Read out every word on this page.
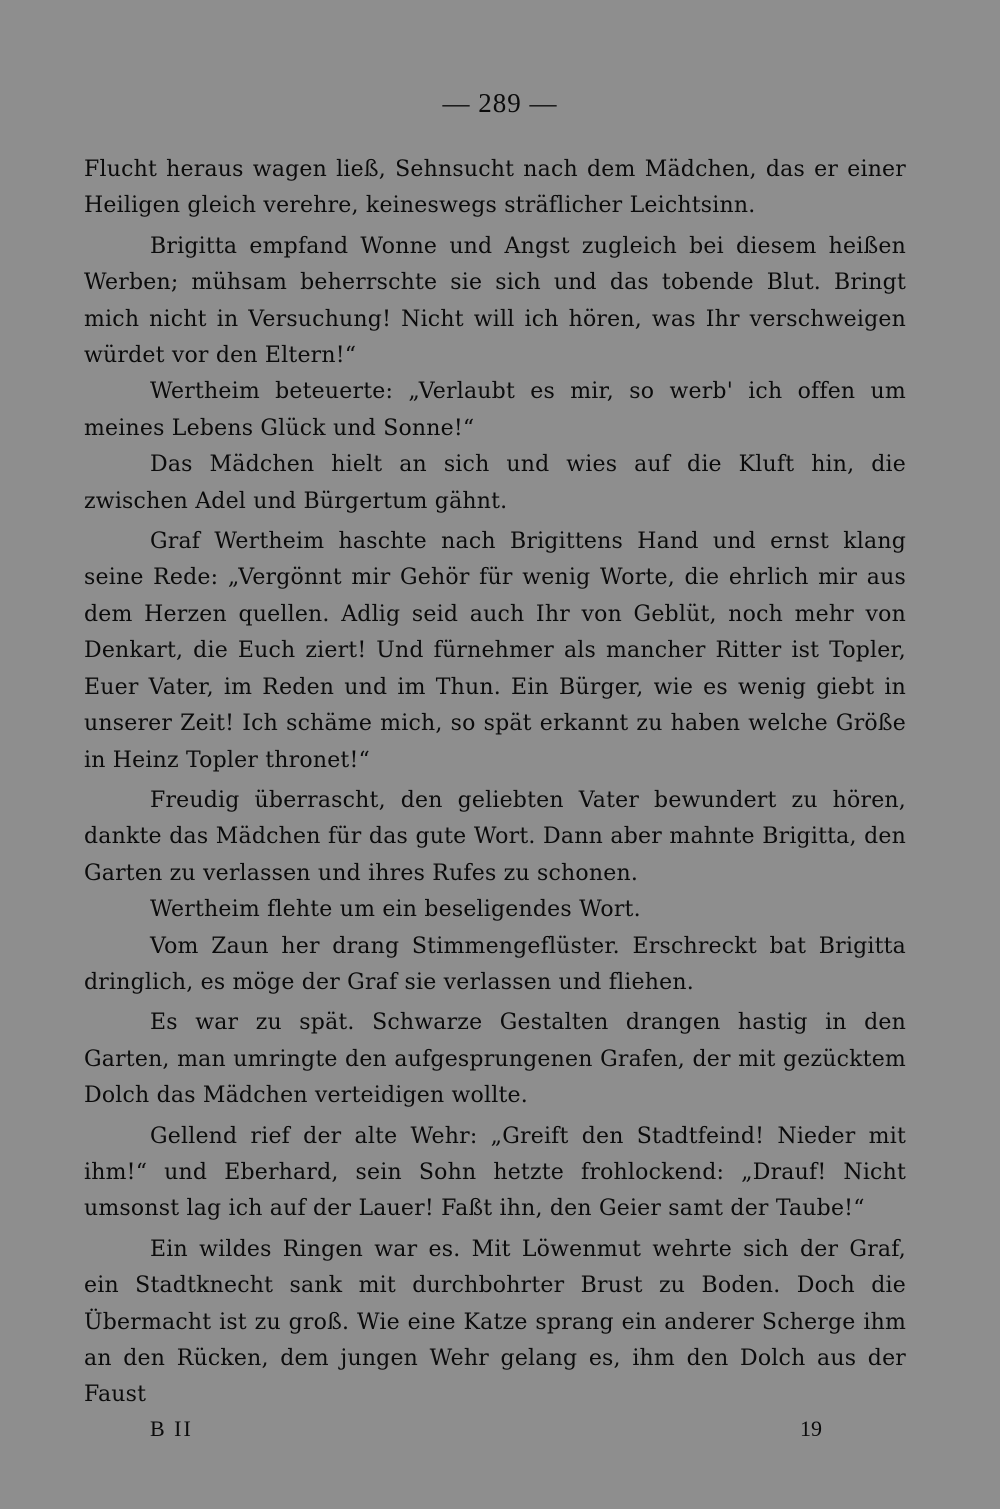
— 289 —

Flucht heraus wagen ließ, Sehnsucht nach dem Mädchen, das er einer Heiligen gleich verehre, keineswegs sträflicher Leichtsinn.

Brigitta empfand Wonne und Angst zugleich bei diesem heißen Werben; mühsam beherrschte sie sich und das tobende Blut. Bringt mich nicht in Versuchung! Nicht will ich hören, was Ihr verschweigen würdet vor den Eltern!“

Wertheim beteuerte: „Verlaubt es mir, so werb' ich offen um meines Lebens Glück und Sonne!“

Das Mädchen hielt an sich und wies auf die Kluft hin, die zwischen Adel und Bürgertum gähnt.

Graf Wertheim haschte nach Brigittens Hand und ernst klang seine Rede: „Vergönnt mir Gehör für wenig Worte, die ehrlich mir aus dem Herzen quellen. Adlig seid auch Ihr von Geblüt, noch mehr von Denkart, die Euch ziert! Und fürnehmer als mancher Ritter ist Topler, Euer Vater, im Reden und im Thun. Ein Bürger, wie es wenig giebt in unserer Zeit! Ich schäme mich, so spät erkannt zu haben welche Größe in Heinz Topler thronet!“

Freudig überrascht, den geliebten Vater bewundert zu hören, dankte das Mädchen für das gute Wort. Dann aber mahnte Brigitta, den Garten zu verlassen und ihres Rufes zu schonen.

Wertheim flehte um ein beseligendes Wort.

Vom Zaun her drang Stimmengeflüster. Erschreckt bat Brigitta dringlich, es möge der Graf sie verlassen und fliehen.

Es war zu spät. Schwarze Gestalten drangen hastig in den Garten, man umringte den aufgesprungenen Grafen, der mit gezücktem Dolch das Mädchen verteidigen wollte.

Gellend rief der alte Wehr: „Greift den Stadtfeind! Nieder mit ihm!“ und Eberhard, sein Sohn hetzte frohlockend: „Drauf! Nicht umsonst lag ich auf der Lauer! Faßt ihn, den Geier samt der Taube!“

Ein wildes Ringen war es. Mit Löwenmut wehrte sich der Graf, ein Stadtknecht sank mit durchbohrter Brust zu Boden. Doch die Übermacht ist zu groß. Wie eine Katze sprang ein anderer Scherge ihm an den Rücken, dem jungen Wehr gelang es, ihm den Dolch aus der Faust

B II	19
